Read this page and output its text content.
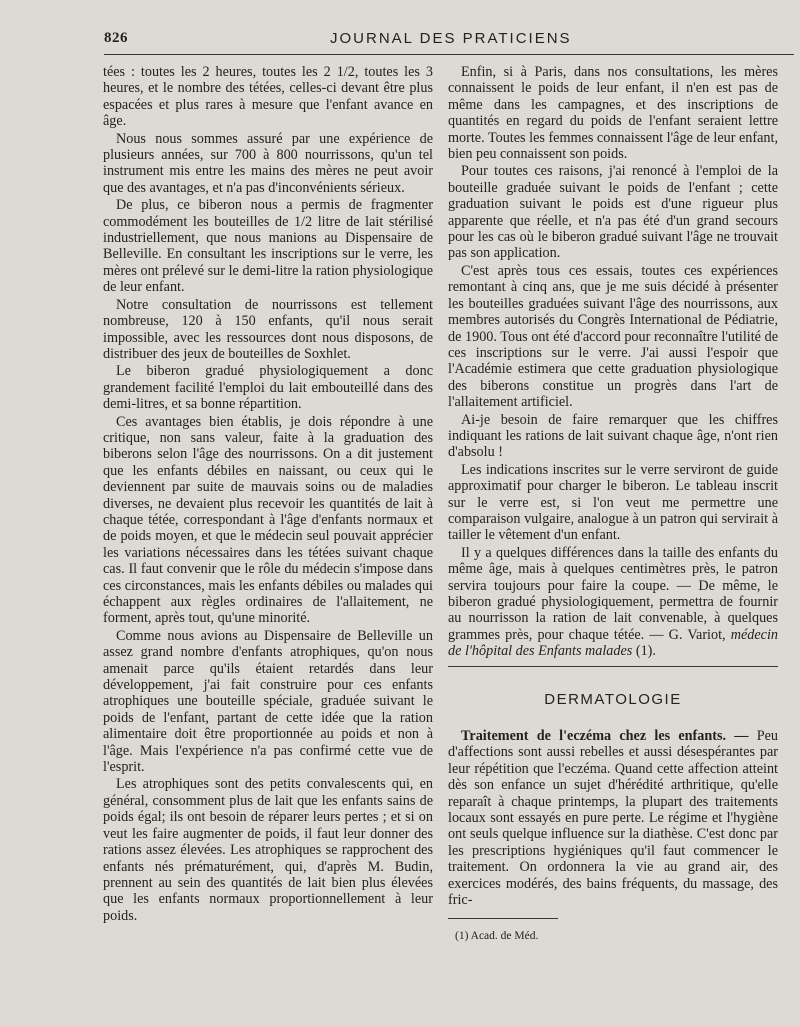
826	JOURNAL DES PRATICIENS

tées : toutes les 2 heures, toutes les 2 1/2, toutes les 3 heures, et le nombre des tétées, celles-ci devant être plus espacées et plus rares à mesure que l'enfant avance en âge.

Nous nous sommes assuré par une expérience de plusieurs années, sur 700 à 800 nourrissons, qu'un tel instrument mis entre les mains des mères ne peut avoir que des avantages, et n'a pas d'inconvénients sérieux.

De plus, ce biberon nous a permis de fragmenter commodément les bouteilles de 1/2 litre de lait stérilisé industriellement, que nous manions au Dispensaire de Belleville. En consultant les inscriptions sur le verre, les mères ont prélevé sur le demi-litre la ration physiologique de leur enfant.

Notre consultation de nourrissons est tellement nombreuse, 120 à 150 enfants, qu'il nous serait impossible, avec les ressources dont nous disposons, de distribuer des jeux de bouteilles de Soxhlet.

Le biberon gradué physiologiquement a donc grandement facilité l'emploi du lait embouteillé dans des demi-litres, et sa bonne répartition.

Ces avantages bien établis, je dois répondre à une critique, non sans valeur, faite à la graduation des biberons selon l'âge des nourrissons. On a dit justement que les enfants débiles en naissant, ou ceux qui le deviennent par suite de mauvais soins ou de maladies diverses, ne devaient plus recevoir les quantités de lait à chaque tétée, correspondant à l'âge d'enfants normaux et de poids moyen, et que le médecin seul pouvait apprécier les variations nécessaires dans les tétées suivant chaque cas. Il faut convenir que le rôle du médecin s'impose dans ces circonstances, mais les enfants débiles ou malades qui échappent aux règles ordinaires de l'allaitement, ne forment, après tout, qu'une minorité.

Comme nous avions au Dispensaire de Belleville un assez grand nombre d'enfants atrophiques, qu'on nous amenait parce qu'ils étaient retardés dans leur développement, j'ai fait construire pour ces enfants atrophiques une bouteille spéciale, graduée suivant le poids de l'enfant, partant de cette idée que la ration alimentaire doit être proportionnée au poids et non à l'âge. Mais l'expérience n'a pas confirmé cette vue de l'esprit.

Les atrophiques sont des petits convalescents qui, en général, consomment plus de lait que les enfants sains de poids égal; ils ont besoin de réparer leurs pertes ; et si on veut les faire augmenter de poids, il faut leur donner des rations assez élevées. Les atrophiques se rapprochent des enfants nés prématurément, qui, d'après M. Budin, prennent au sein des quantités de lait bien plus élevées que les enfants normaux proportionnellement à leur poids.

Enfin, si à Paris, dans nos consultations, les mères connaissent le poids de leur enfant, il n'en est pas de même dans les campagnes, et des inscriptions de quantités en regard du poids de l'enfant seraient lettre morte. Toutes les femmes connaissent l'âge de leur enfant, bien peu connaissent son poids.

Pour toutes ces raisons, j'ai renoncé à l'emploi de la bouteille graduée suivant le poids de l'enfant ; cette graduation suivant le poids est d'une rigueur plus apparente que réelle, et n'a pas été d'un grand secours pour les cas où le biberon gradué suivant l'âge ne trouvait pas son application.

C'est après tous ces essais, toutes ces expériences remontant à cinq ans, que je me suis décidé à présenter les bouteilles graduées suivant l'âge des nourrissons, aux membres autorisés du Congrès International de Pédiatrie, de 1900. Tous ont été d'accord pour reconnaître l'utilité de ces inscriptions sur le verre. J'ai aussi l'espoir que l'Académie estimera que cette graduation physiologique des biberons constitue un progrès dans l'art de l'allaitement artificiel.

Ai-je besoin de faire remarquer que les chiffres indiquant les rations de lait suivant chaque âge, n'ont rien d'absolu !

Les indications inscrites sur le verre serviront de guide approximatif pour charger le biberon. Le tableau inscrit sur le verre est, si l'on veut me permettre une comparaison vulgaire, analogue à un patron qui servirait à tailler le vêtement d'un enfant.

Il y a quelques différences dans la taille des enfants du même âge, mais à quelques centimètres près, le patron servira toujours pour faire la coupe. — De même, le biberon gradué physiologiquement, permettra de fournir au nourrisson la ration de lait convenable, à quelques grammes près, pour chaque tétée. — G. Variot, médecin de l'hôpital des Enfants malades (1).

DERMATOLOGIE

Traitement de l'eczéma chez les enfants. — Peu d'affections sont aussi rebelles et aussi désespérantes par leur répétition que l'eczéma. Quand cette affection atteint dès son enfance un sujet d'hérédité arthritique, qu'elle reparaît à chaque printemps, la plupart des traitements locaux sont essayés en pure perte. Le régime et l'hygiène ont seuls quelque influence sur la diathèse. C'est donc par les prescriptions hygiéniques qu'il faut commencer le traitement. On ordonnera la vie au grand air, des exercices modérés, des bains fréquents, du massage, des fric-

(1) Acad. de Méd.
